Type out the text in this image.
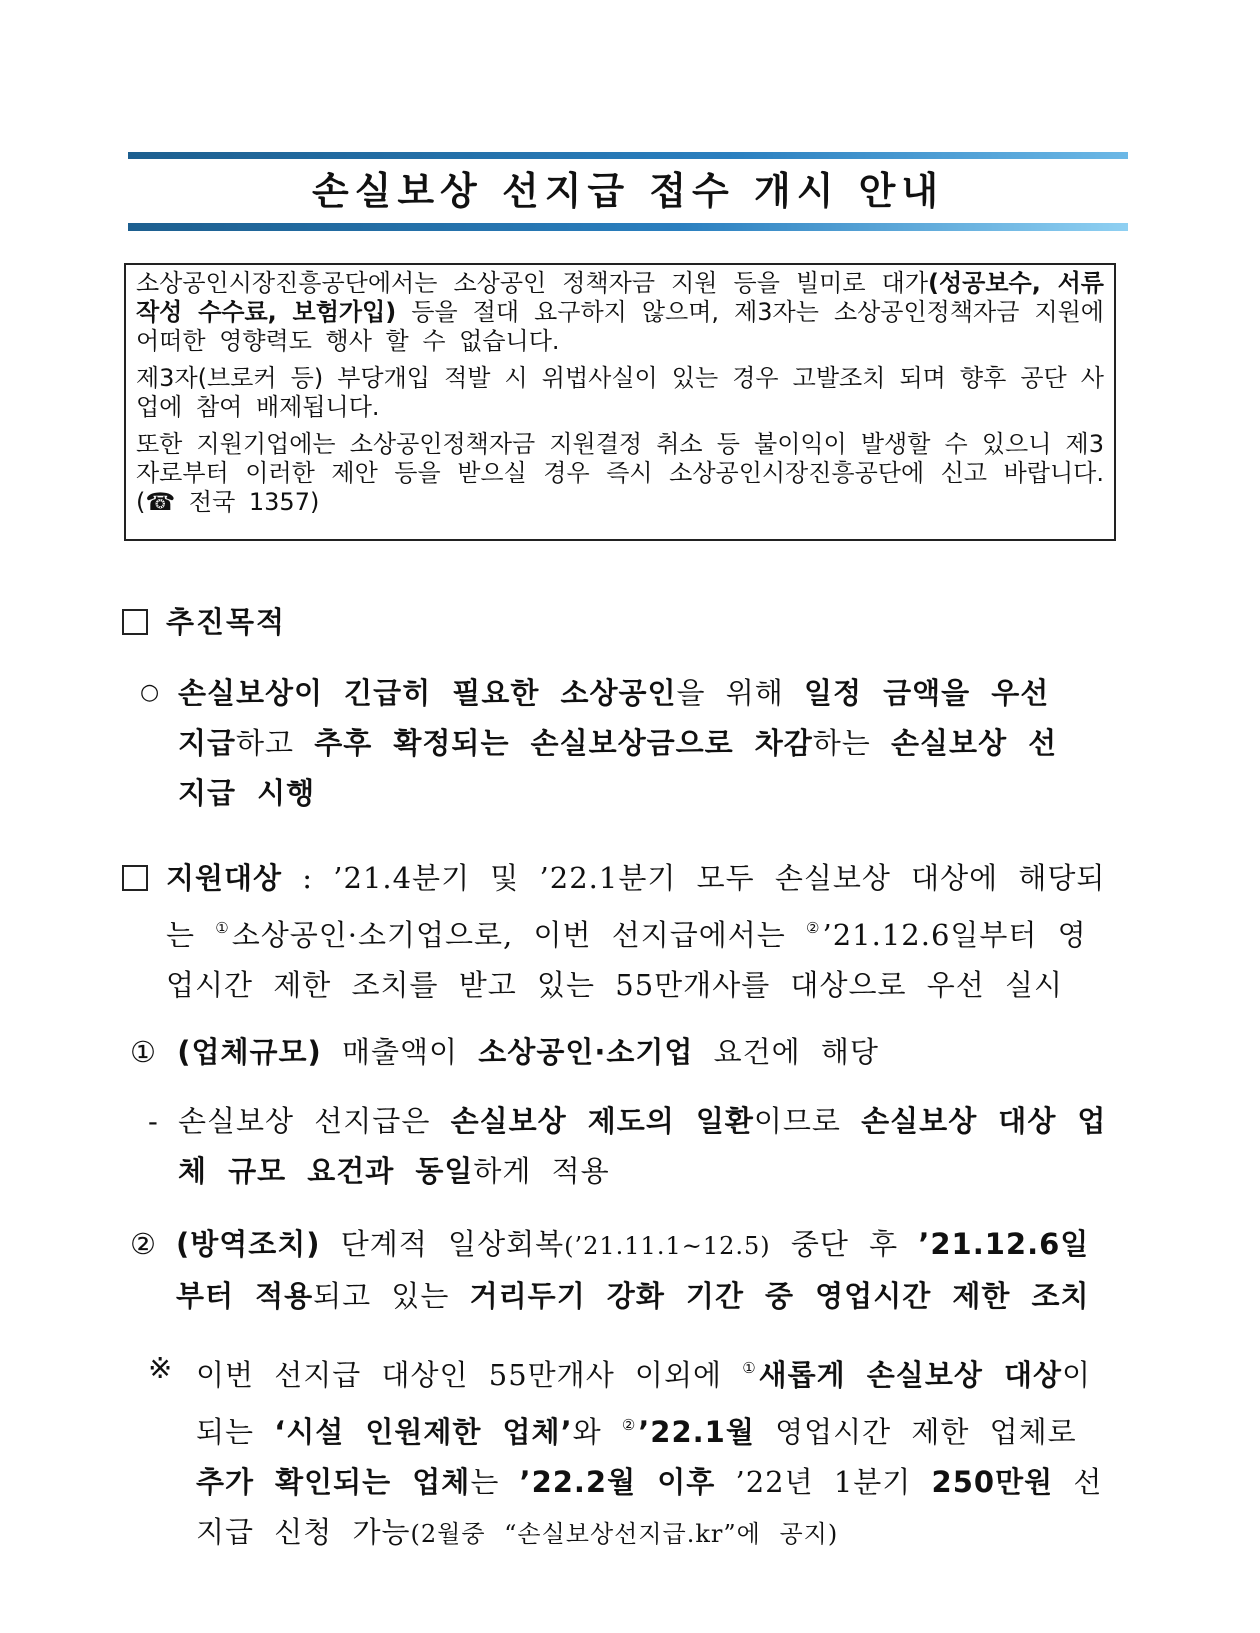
손실보상 선지급 접수 개시 안내

소상공인시장진흥공단에서는 소상공인 정책자금 지원 등을 빌미로 대가(성공보수, 서류작성 수수료, 보험가입) 등을 절대 요구하지 않으며, 제3자는 소상공인정책자금 지원에 어떠한 영향력도 행사 할 수 없습니다.

제3자(브로커 등) 부당개입 적발 시 위법사실이 있는 경우 고발조치 되며 향후 공단 사업에 참여 배제됩니다.

또한 지원기업에는 소상공인정책자금 지원결정 취소 등 불이익이 발생할 수 있으니 제3자로부터 이러한 제안 등을 받으실 경우 즉시 소상공인시장진흥공단에 신고 바랍니다. (☎ 전국 1357)

추진목적
○ 손실보상이 긴급히 필요한 소상공인을 위해 일정 금액을 우선 지급하고 추후 확정되는 손실보상금으로 차감하는 손실보상 선지급 시행
지원대상 : ’21.4분기 및 ’22.1분기 모두 손실보상 대상에 해당되는 ①소상공인·소기업으로, 이번 선지급에서는 ②’21.12.6일부터 영업시간 제한 조치를 받고 있는 55만개사를 대상으로 우선 실시
① (업체규모) 매출액이 소상공인·소기업 요건에 해당
- 손실보상 선지급은 손실보상 제도의 일환이므로 손실보상 대상 업체 규모 요건과 동일하게 적용
② (방역조치) 단계적 일상회복(’21.11.1~12.5) 중단 후 ’21.12.6일부터 적용되고 있는 거리두기 강화 기간 중 영업시간 제한 조치
※ 이번 선지급 대상인 55만개사 이외에 ①새롭게 손실보상 대상이 되는 ‘시설 인원제한 업체’와 ②’22.1월 영업시간 제한 업체로 추가 확인되는 업체는 ’22.2월 이후 ’22년 1분기 250만원 선지급 신청 가능(2월중 “손실보상선지급.kr”에 공지)
